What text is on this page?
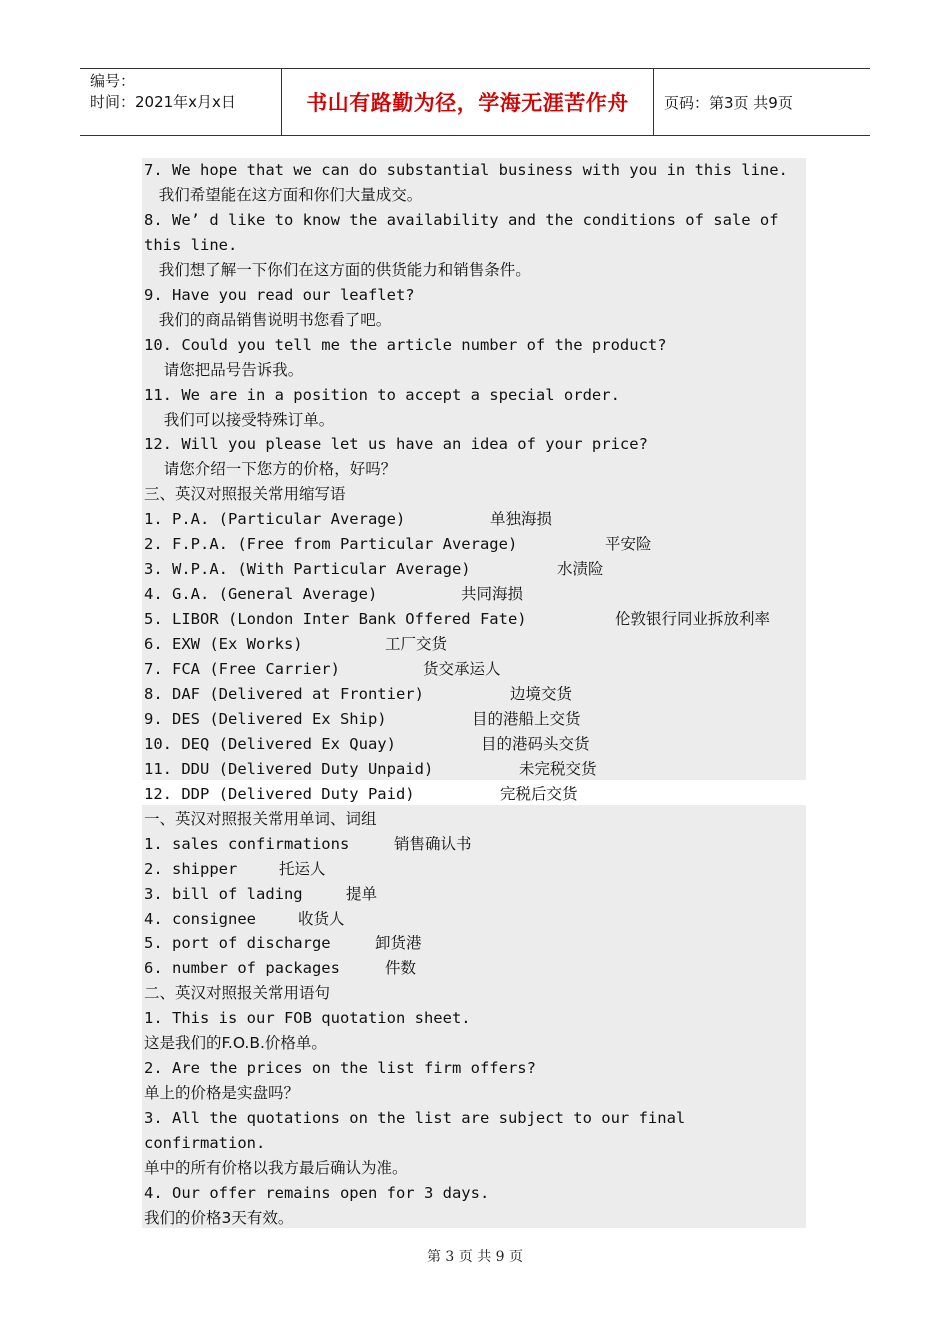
编号：
时间：2021年x月x日	书山有路勤为径，学海无涯苦作舟 页码：第3页 共9页
7. We hope that we can do substantial business with you in this line.
我们希望能在这方面和你们大量成交。
8. We’ d like to know the availability and the conditions of sale of
this line.
我们想了解一下你们在这方面的供货能力和销售条件。
9. Have you read our leaflet?
我们的商品销售说明书您看了吧。
10. Could you tell me the article number of the product?
请您把品号告诉我。
11. We are in a position to accept a special order.
我们可以接受特殊订单。
12. Will you please let us have an idea of your price?
请您介绍一下您方的价格，好吗？
三、英汉对照报关常用缩写语
1. P.A. (Particular Average)	单独海损
2. F.P.A. (Free from Particular Average)	平安险
3. W.P.A. (With Particular Average)	水渍险
4. G.A. (General Average)	共同海损
5. LIBOR (London Inter Bank Offered Fate)	伦敦银行同业拆放利率
6. EXW (Ex Works)	工厂交货
7. FCA (Free Carrier)	货交承运人
8. DAF (Delivered at Frontier)	边境交货
9. DES (Delivered Ex Ship)	目的港船上交货
10. DEQ (Delivered Ex Quay)	目的港码头交货
11. DDU (Delivered Duty Unpaid)	未完税交货
12. DDP (Delivered Duty Paid)	完税后交货
一、英汉对照报关常用单词、词组
1. sales confirmations	销售确认书
2. shipper	托运人
3. bill of lading	提单
4. consignee	收货人
5. port of discharge	卸货港
6. number of packages	件数
二、英汉对照报关常用语句
1. This is our FOB quotation sheet.
这是我们的F.O.B.价格单。
2. Are the prices on the list firm offers?
单上的价格是实盘吗？
3. All the quotations on the list are subject to our final
confirmation.
单中的所有价格以我方最后确认为准。
4. Our offer remains open for 3 days.
我们的价格3天有效。
第 3 页 共 9 页
